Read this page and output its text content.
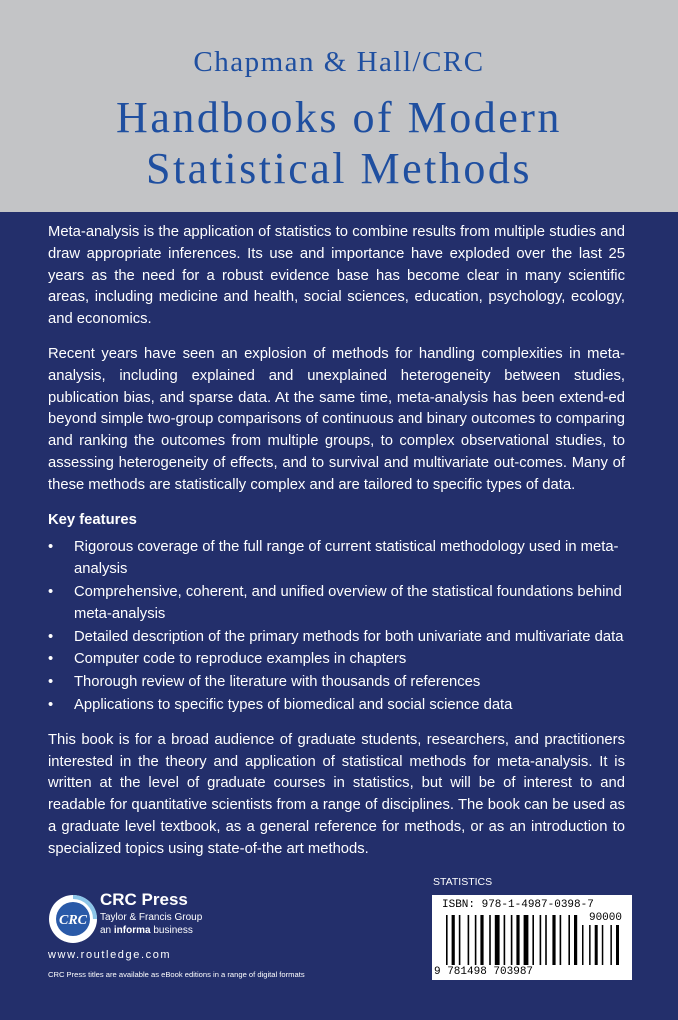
Chapman & Hall/CRC
Handbooks of Modern
Statistical Methods

Meta-analysis is the application of statistics to combine results from multiple studies and draw appropriate inferences. Its use and importance have exploded over the last 25 years as the need for a robust evidence base has become clear in many scientific areas, including medicine and health, social sciences, education, psychology, ecology, and economics.

Recent years have seen an explosion of methods for handling complexities in meta-analysis, including explained and unexplained heterogeneity between studies, publication bias, and sparse data. At the same time, meta-analysis has been extend-ed beyond simple two-group comparisons of continuous and binary outcomes to comparing and ranking the outcomes from multiple groups, to complex observational studies, to assessing heterogeneity of effects, and to survival and multivariate out-comes. Many of these methods are statistically complex and are tailored to specific types of data.

Key features
• Rigorous coverage of the full range of current statistical methodology used in meta-analysis
• Comprehensive, coherent, and unified overview of the statistical foundations behind meta-analysis
• Detailed description of the primary methods for both univariate and multivariate data
• Computer code to reproduce examples in chapters
• Thorough review of the literature with thousands of references
• Applications to specific types of biomedical and social science data

This book is for a broad audience of graduate students, researchers, and practitioners interested in the theory and application of statistical methods for meta-analysis. It is written at the level of graduate courses in statistics, but will be of interest to and readable for quantitative scientists from a range of disciplines. The book can be used as a graduate level textbook, as a general reference for methods, or as an introduction to specialized topics using state-of-the art methods.

CRC
CRC Press
Taylor & Francis Group
an informa business
www.routledge.com
CRC Press titles are available as eBook editions in a range of digital formats
STATISTICS
ISBN: 978-1-4987-0398-7
90000
9 781498 703987
